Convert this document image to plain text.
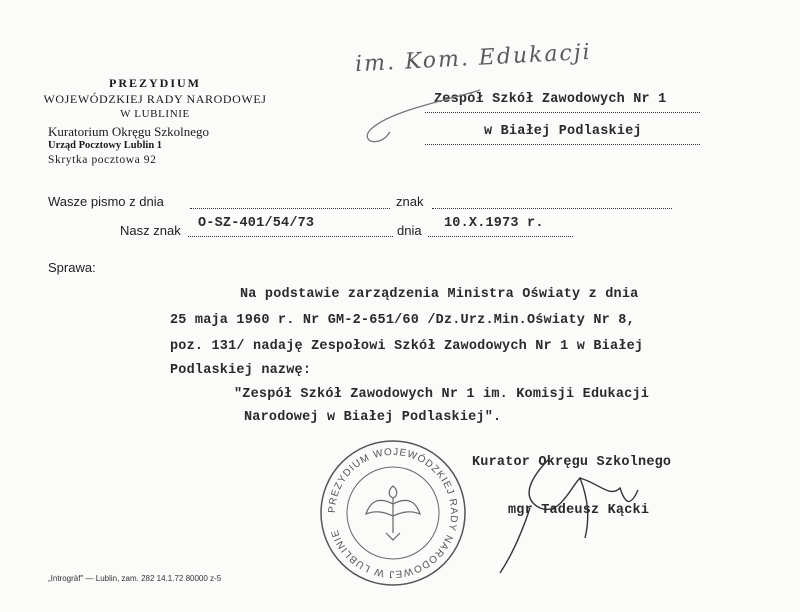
PREZYDIUM
WOJEWÓDZKIEJ RADY NARODOWEJ
W LUBLINIE
Kuratorium Okręgu Szkolnego
Urząd Pocztowy Lublin 1
Skrytka pocztowa 92
im. Kom. Edukacji
Zespół Szkół Zawodowych Nr 1
w Białej Podlaskiej
Wasze pismo z dnia	znak
Nasz znak O-SZ-401/54/73	dnia 10.X.1973 r.
Sprawa:
Na podstawie zarządzenia Ministra Oświaty z dnia
25 maja 1960 r. Nr GM-2-651/60 /Dz.Urz.Min.Oświaty Nr 8,
poz. 131/ nadaję Zespołowi Szkół Zawodowych Nr 1 w Białej
Podlaskiej nazwę:
"Zespół Szkół Zawodowych Nr 1 im. Komisji Edukacji
Narodowej w Białej Podlaskiej".
PREZYDIUM WOJEWÓDZKIEJ RADY NARODOWEJ W LUBLINIE
Kurator Okręgu Szkolnego
mgr Tadeusz Kącki
„Introgràf" — Lublin, zam. 282 14.1.72 80000 z-5
